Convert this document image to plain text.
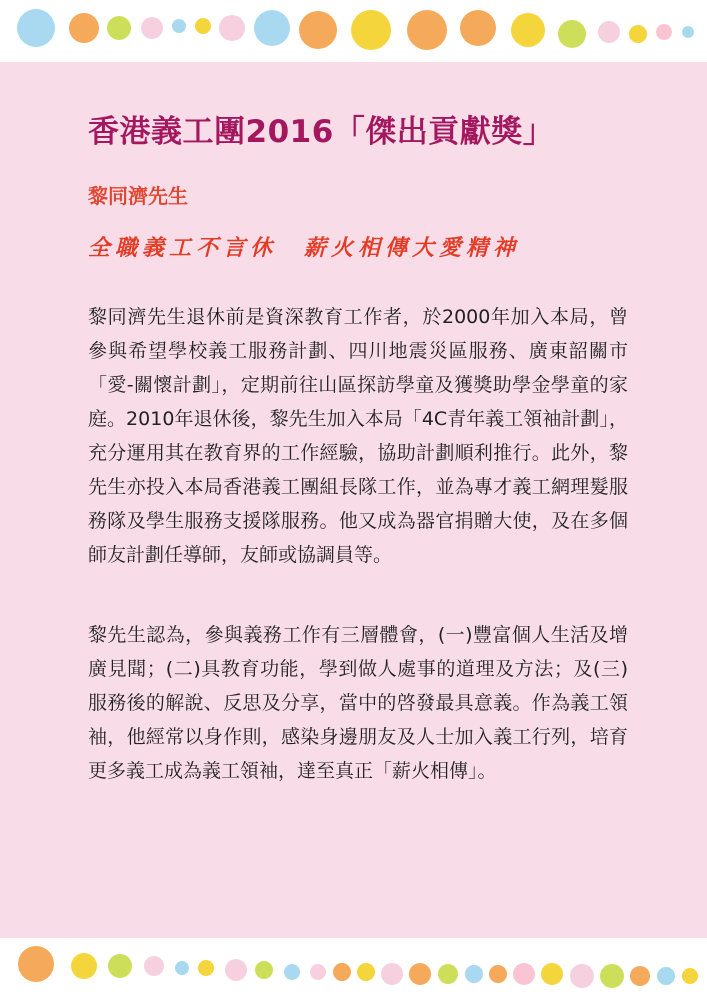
香港義工團2016「傑出貢獻獎」
黎同濟先生

全職義工不言休　薪火相傳大愛精神

黎同濟先生退休前是資深教育工作者，於2000年加入本局，曾參與希望學校義工服務計劃、四川地震災區服務、廣東韶關市「愛-關懷計劃」，定期前往山區探訪學童及獲獎助學金學童的家庭。2010年退休後，黎先生加入本局「4C青年義工領袖計劃」，充分運用其在教育界的工作經驗，協助計劃順利推行。此外，黎先生亦投入本局香港義工團組長隊工作，並為專才義工網理髮服務隊及學生服務支援隊服務。他又成為器官捐贈大使，及在多個師友計劃任導師，友師或協調員等。

黎先生認為，參與義務工作有三層體會，(一)豐富個人生活及增廣見聞；(二)具教育功能，學到做人處事的道理及方法；及(三)服務後的解說、反思及分享，當中的啓發最具意義。作為義工領袖，他經常以身作則，感染身邊朋友及人士加入義工行列，培育更多義工成為義工領袖，達至真正「薪火相傳」。
